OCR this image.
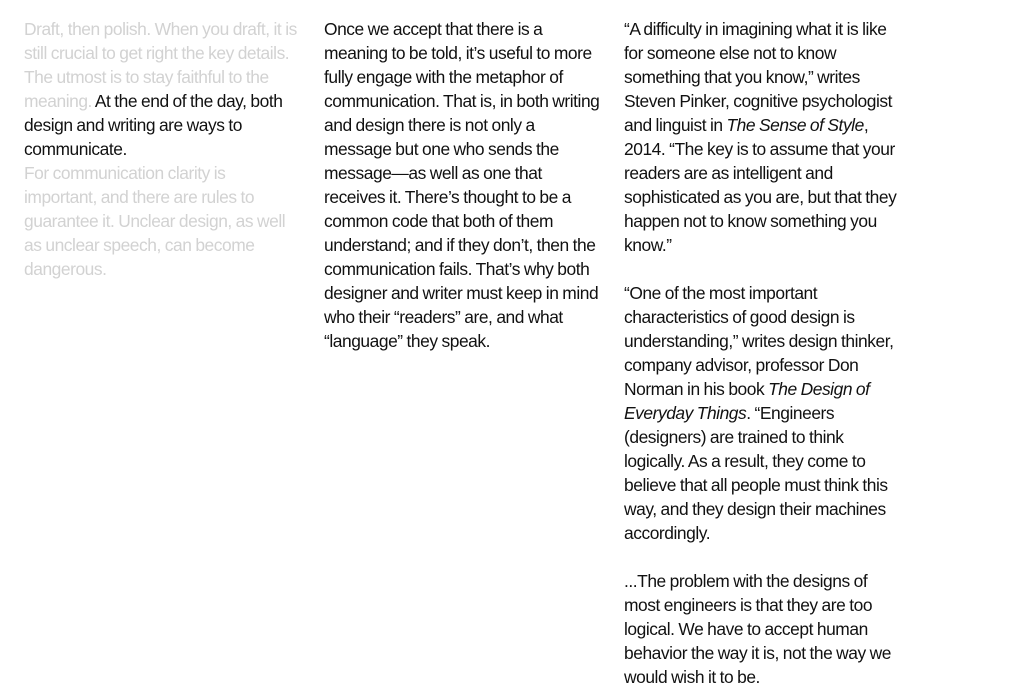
Draft, then polish. When you draft, it is still crucial to get right the key details. The utmost is to stay faithful to the meaning. At the end of the day, both design and writing are ways to communicate.

For communication clarity is important, and there are rules to guarantee it. Unclear design, as well as unclear speech, can become dangerous.

Once we accept that there is a meaning to be told, it’s useful to more fully engage with the metaphor of communication. That is, in both writing and design there is not only a message but one who sends the message—as well as one that receives it. There’s thought to be a common code that both of them understand; and if they don’t, then the communication fails. That’s why both designer and writer must keep in mind who their “readers” are, and what “language” they speak.

“A difficulty in imagining what it is like for someone else not to know something that you know,” writes Steven Pinker, cognitive psychologist and linguist in The Sense of Style, 2014. “The key is to assume that your readers are as intelligent and sophisticated as you are, but that they happen not to know something you know.”

“One of the most important characteristics of good design is understanding,” writes design thinker, company advisor, professor Don Norman in his book The Design of Everyday Things. “Engineers (designers) are trained to think logically. As a result, they come to believe that all people must think this way, and they design their machines accordingly.

...The problem with the designs of most engineers is that they are too logical. We have to accept human behavior the way it is, not the way we would wish it to be.
